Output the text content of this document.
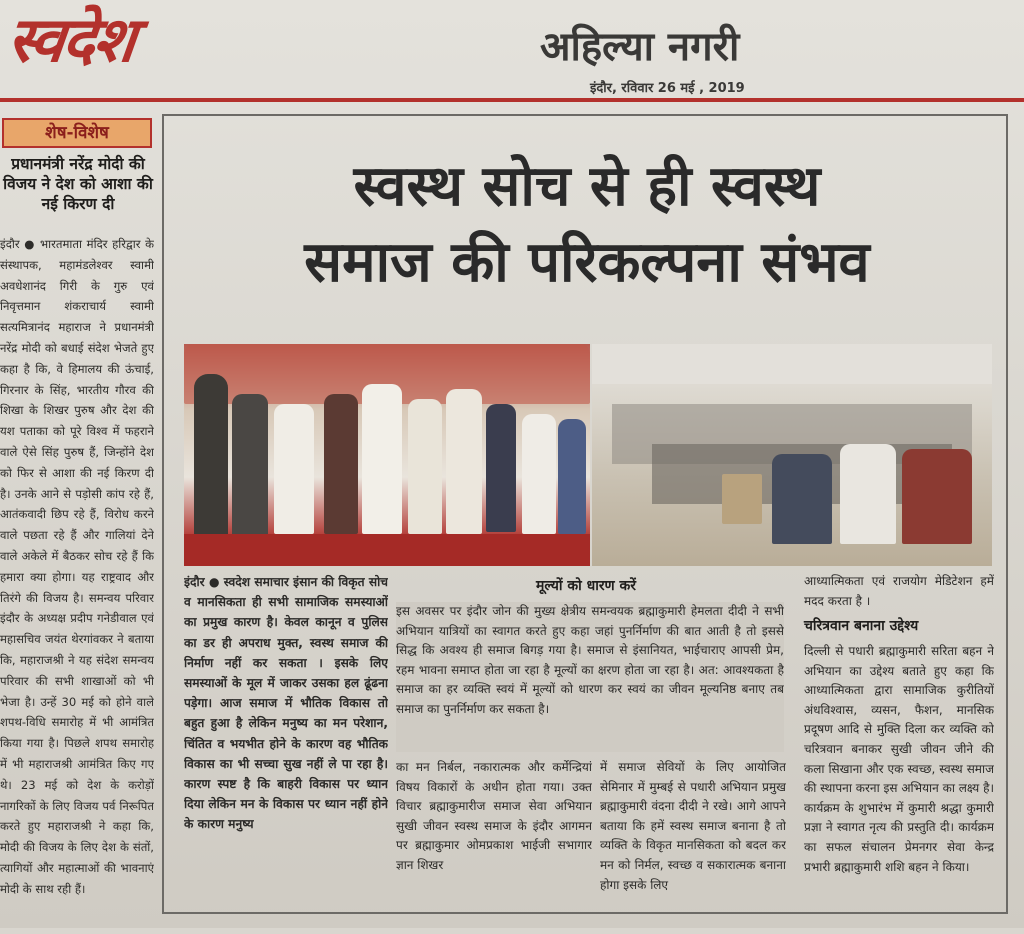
स्वदेश	अहिल्या नगरी
इंदौर, रविवार 26 मई , 2019
शेष-विशेष
प्रधानमंत्री नरेंद्र मोदी की विजय ने देश को आशा की नई किरण दी
इंदौर ● भारतमाता मंदिर हरिद्वार के संस्थापक, महामंडलेश्वर स्वामी अवधेशानंद गिरी के गुरु एवं निवृत्तमान शंकराचार्य स्वामी सत्यमित्रानंद महाराज ने प्रधानमंत्री नरेंद्र मोदी को बधाई संदेश भेजते हुए कहा है कि, वे हिमालय की ऊंचाई, गिरनार के सिंह, भारतीय गौरव की शिखा के शिखर पुरुष और देश की यश पताका को पूरे विश्व में फहराने वाले ऐसे सिंह पुरुष हैं, जिन्होंने देश को फिर से आशा की नई किरण दी है। उनके आने से पड़ोसी कांप रहे हैं, आतंकवादी छिप रहे हैं, विरोध करने वाले पछता रहे हैं और गालियां देने वाले अकेले में बैठकर सोच रहे हैं कि हमारा क्या होगा। यह राष्ट्रवाद और तिरंगे की विजय है। समन्वय परिवार इंदौर के अध्यक्ष प्रदीप गनेडीवाल एवं महासचिव जयंत थेरगांवकर ने बताया कि, महाराजश्री ने यह संदेश समन्वय परिवार की सभी शाखाओं को भी भेजा है। उन्हें 30 मई को होने वाले शपथ-विधि समारोह में भी आमंत्रित किया गया है। पिछले शपथ समारोह में भी महाराजश्री आमंत्रित किए गए थे। 23 मई को देश के करोड़ों नागरिकों के लिए विजय पर्व निरूपित करते हुए महाराजश्री ने कहा कि, मोदी की विजय के लिए देश के संतों, त्यागियों और महात्माओं की भावनाएं मोदी के साथ रही हैं।
स्वस्थ सोच से ही स्वस्थ
समाज की परिकल्पना संभव
इंदौर ● स्वदेश समाचार इंसान की विकृत सोच व मानसिकता ही सभी सामाजिक समस्याओं का प्रमुख कारण है। केवल कानून व पुलिस का डर ही अपराध मुक्त, स्वस्थ समाज की निर्माण नहीं कर सकता । इसके लिए समस्याओं के मूल में जाकर उसका हल ढूंढना पड़ेगा। आज समाज में भौतिक विकास तो बहुत हुआ है लेकिन मनुष्य का मन परेशान, चिंतित व भयभीत होने के कारण वह भौतिक विकास का भी सच्चा सुख नहीं ले पा रहा है। कारण स्पष्ट है कि बाहरी विकास पर ध्यान दिया लेकिन मन के विकास पर ध्यान नहीं होने के कारण मनुष्य
मूल्यों को धारण करें
इस अवसर पर इंदौर जोन की मुख्य क्षेत्रीय समन्वयक ब्रह्माकुमारी हेमलता दीदी ने सभी अभियान यात्रियों का स्वागत करते हुए कहा जहां पुनर्निर्माण की बात आती है तो इससे सिद्ध कि अवश्य ही समाज बिगड़ गया है। समाज से इंसानियत, भाईचाराए आपसी प्रेम, रहम भावना समाप्त होता जा रहा है मूल्यों का क्षरण होता जा रहा है। अत: आवश्यकता है समाज का हर व्यक्ति स्वयं में मूल्यों को धारण कर स्वयं का जीवन मूल्यनिष्ठ बनाए तब समाज का पुनर्निर्माण कर सकता है।
का मन निर्बल, नकारात्मक और कर्मेन्द्रियां विषय विकारों के अधीन होता गया। उक्त विचार ब्रह्माकुमारीज समाज सेवा अभियान सुखी जीवन स्वस्थ समाज के इंदौर आगमन पर ब्रह्माकुमार ओमप्रकाश भाईजी सभागार ज्ञान शिखर
में समाज सेवियों के लिए आयोजित सेमिनार में मुम्बई से पधारी अभियान प्रमुख ब्रह्माकुमारी वंदना दीदी ने रखे। आगे आपने बताया कि हमें स्वस्थ समाज बनाना है तो व्यक्ति के विकृत मानसिकता को बदल कर मन को निर्मल, स्वच्छ व सकारात्मक बनाना होगा इसके लिए
आध्यात्मिकता एवं राजयोग मेडिटेशन हमें मदद करता है ।
चरित्रवान बनाना उद्देश्य
दिल्ली से पधारी ब्रह्माकुमारी सरिता बहन ने अभियान का उद्देश्य बताते हुए कहा कि आध्यात्मिकता द्वारा सामाजिक कुरीतियों अंधविश्वास, व्यसन, फैशन, मानसिक प्रदूषण आदि से मुक्ति दिला कर व्यक्ति को चरित्रवान बनाकर सुखी जीवन जीने की कला सिखाना और एक स्वच्छ, स्वस्थ समाज की स्थापना करना इस अभियान का लक्ष्य है। कार्यक्रम के शुभारंभ में कुमारी श्रद्धा कुमारी प्रज्ञा ने स्वागत नृत्य की प्रस्तुति दी। कार्यक्रम का सफल संचालन प्रेमनगर सेवा केन्द्र प्रभारी ब्रह्माकुमारी शशि बहन ने किया।
